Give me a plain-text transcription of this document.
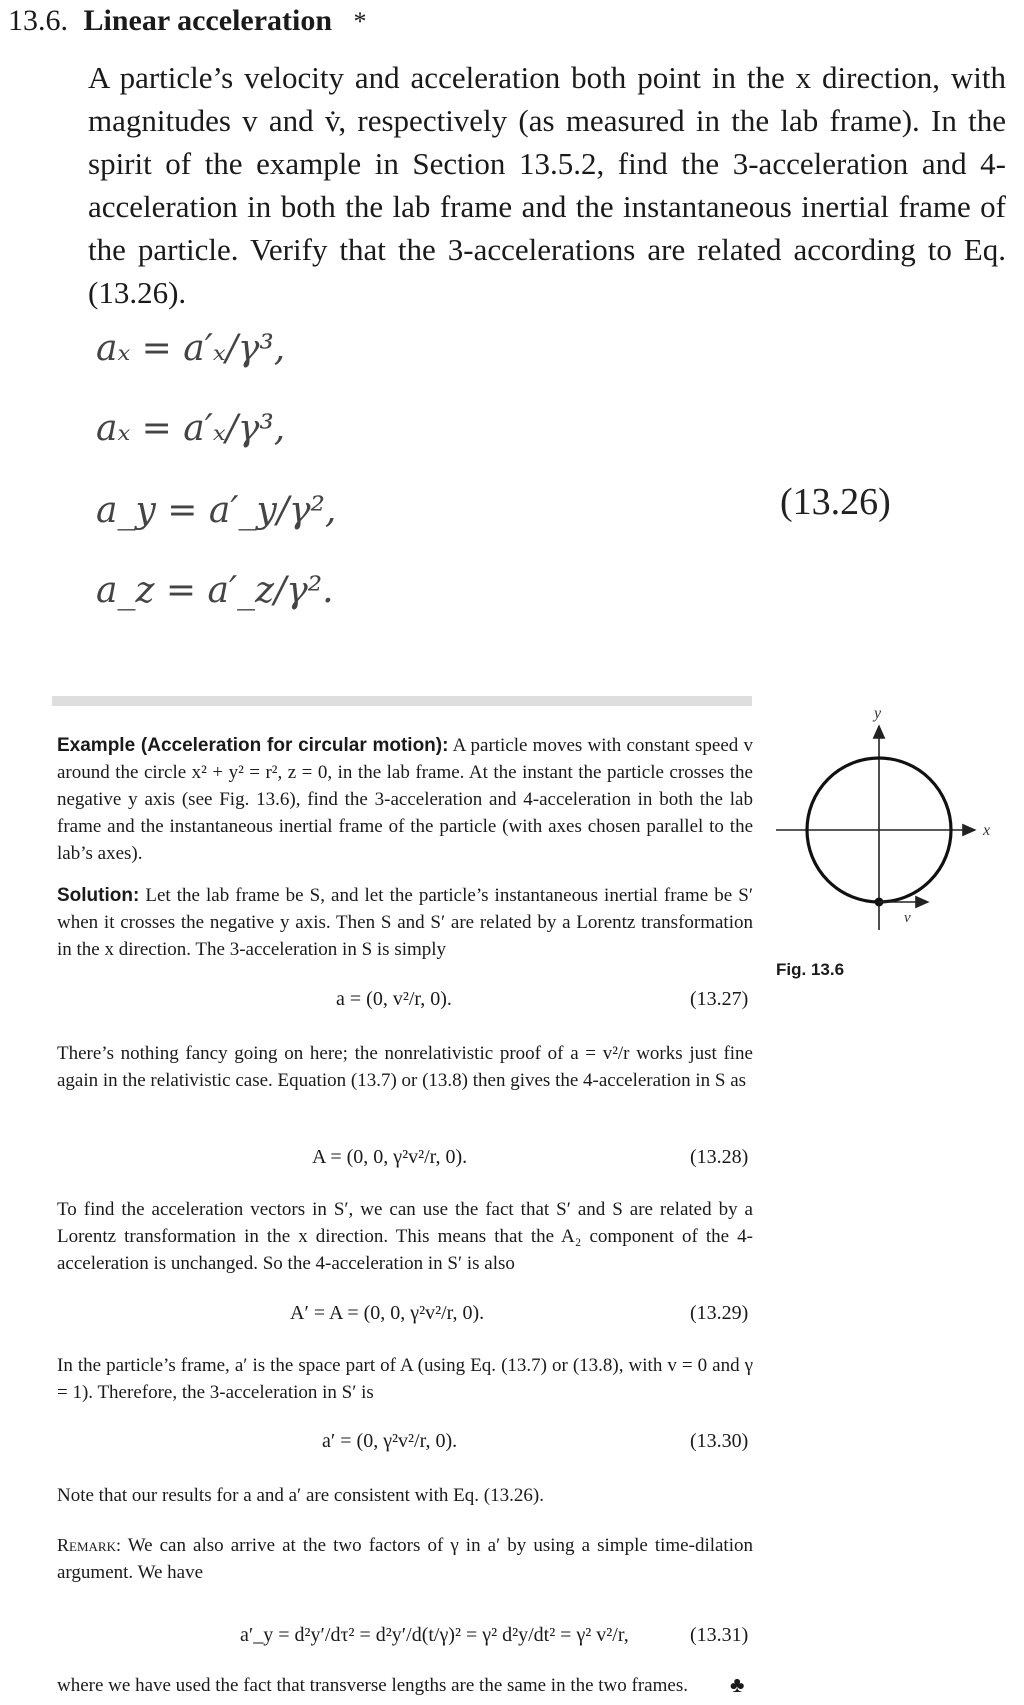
13.6. Linear acceleration *

A particle’s velocity and acceleration both point in the x direction, with magnitudes v and v̇, respectively (as measured in the lab frame). In the spirit of the example in Section 13.5.2, find the 3-acceleration and 4-acceleration in both the lab frame and the instantaneous inertial frame of the particle. Verify that the 3-accelerations are related according to Eq. (13.26).

aₓ = a′ₓ/γ³,
aₓ = a′ₓ/γ³,
a_y = a′_y/γ²,
a_z = a′_z/γ².
(13.26)

Example (Acceleration for circular motion): A particle moves with constant speed v around the circle x² + y² = r², z = 0, in the lab frame. At the instant the particle crosses the negative y axis (see Fig. 13.6), find the 3-acceleration and 4-acceleration in both the lab frame and the instantaneous inertial frame of the particle (with axes chosen parallel to the lab’s axes).

Solution: Let the lab frame be S, and let the particle’s instantaneous inertial frame be S′ when it crosses the negative y axis. Then S and S′ are related by a Lorentz transformation in the x direction. The 3-acceleration in S is simply

a = (0, v²/r, 0).	(13.27)

There’s nothing fancy going on here; the nonrelativistic proof of a = v²/r works just fine again in the relativistic case. Equation (13.7) or (13.8) then gives the 4-acceleration in S as

A = (0, 0, γ²v²/r, 0).	(13.28)

To find the acceleration vectors in S′, we can use the fact that S′ and S are related by a Lorentz transformation in the x direction. This means that the A₂ component of the 4-acceleration is unchanged. So the 4-acceleration in S′ is also

A′ = A = (0, 0, γ²v²/r, 0).	(13.29)

In the particle’s frame, a′ is the space part of A (using Eq. (13.7) or (13.8), with v = 0 and γ = 1). Therefore, the 3-acceleration in S′ is

a′ = (0, γ²v²/r, 0).	(13.30)

Note that our results for a and a′ are consistent with Eq. (13.26).

Remark: We can also arrive at the two factors of γ in a′ by using a simple time-dilation argument. We have

a′_y = d²y′/dτ² = d²y′/d(t/γ)² = γ² d²y/dt² = γ² v²/r,	(13.31)

where we have used the fact that transverse lengths are the same in the two frames.	♣
y
x
v
Fig. 13.6
